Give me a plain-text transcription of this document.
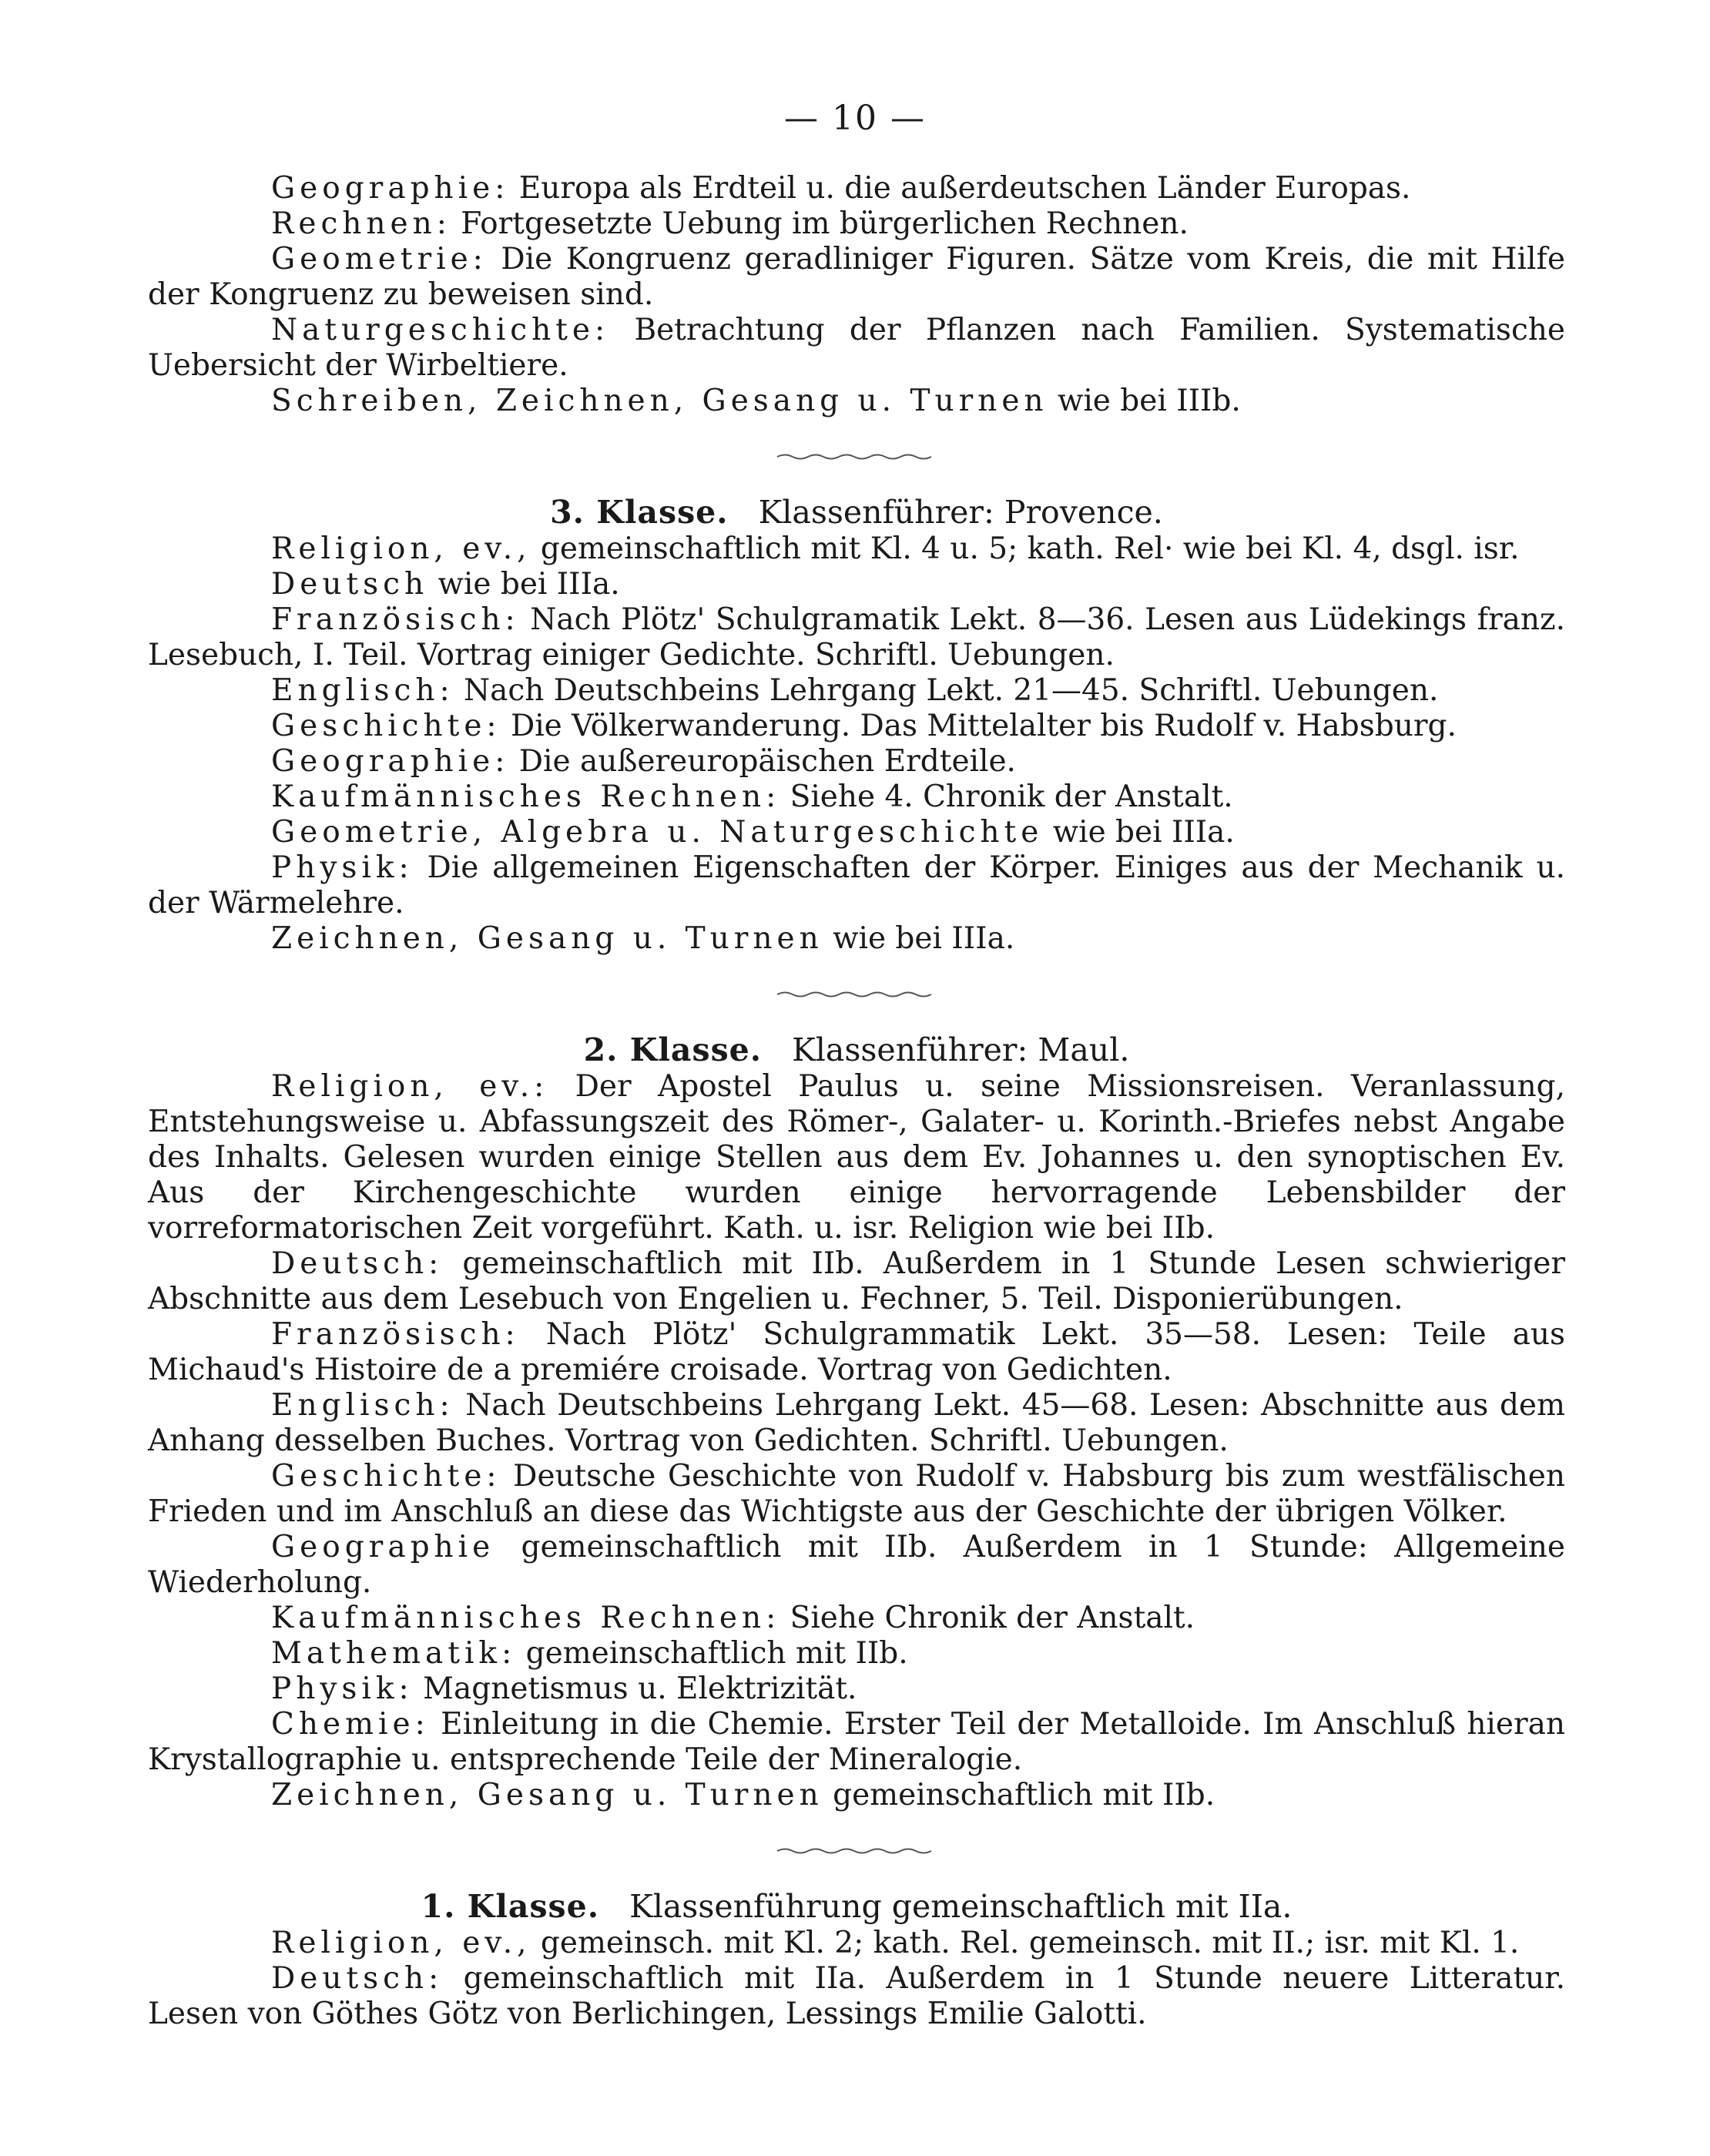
— 10 —

Geographie: Europa als Erdteil u. die außerdeutschen Länder Europas.

Rechnen: Fortgesetzte Uebung im bürgerlichen Rechnen.

Geometrie: Die Kongruenz geradliniger Figuren. Sätze vom Kreis, die mit Hilfe der Kongruenz zu beweisen sind.

Naturgeschichte: Betrachtung der Pflanzen nach Familien. Systematische Uebersicht der Wirbeltiere.

Schreiben, Zeichnen, Gesang u. Turnen wie bei IIIb.

3. Klasse. Klassenführer: Provence.

Religion, ev., gemeinschaftlich mit Kl. 4 u. 5; kath. Rel· wie bei Kl. 4, dsgl. isr.

Deutsch wie bei IIIa.

Französisch: Nach Plötz' Schulgramatik Lekt. 8—36. Lesen aus Lüdekings franz. Lesebuch, I. Teil. Vortrag einiger Gedichte. Schriftl. Uebungen.

Englisch: Nach Deutschbeins Lehrgang Lekt. 21—45. Schriftl. Uebungen.

Geschichte: Die Völkerwanderung. Das Mittelalter bis Rudolf v. Habsburg.

Geographie: Die außereuropäischen Erdteile.

Kaufmännisches Rechnen: Siehe 4. Chronik der Anstalt.

Geometrie, Algebra u. Naturgeschichte wie bei IIIa.

Physik: Die allgemeinen Eigenschaften der Körper. Einiges aus der Mechanik u. der Wärmelehre.

Zeichnen, Gesang u. Turnen wie bei IIIa.

2. Klasse. Klassenführer: Maul.

Religion, ev.: Der Apostel Paulus u. seine Missionsreisen. Veranlassung, Entstehungsweise u. Abfassungszeit des Römer-, Galater- u. Korinth.-Briefes nebst Angabe des Inhalts. Gelesen wurden einige Stellen aus dem Ev. Johannes u. den synoptischen Ev. Aus der Kirchengeschichte wurden einige hervorragende Lebensbilder der vorreformatorischen Zeit vorgeführt. Kath. u. isr. Religion wie bei IIb.

Deutsch: gemeinschaftlich mit IIb. Außerdem in 1 Stunde Lesen schwieriger Abschnitte aus dem Lesebuch von Engelien u. Fechner, 5. Teil. Disponierübungen.

Französisch: Nach Plötz' Schulgrammatik Lekt. 35—58. Lesen: Teile aus Michaud's Histoire de a premiére croisade. Vortrag von Gedichten.

Englisch: Nach Deutschbeins Lehrgang Lekt. 45—68. Lesen: Abschnitte aus dem Anhang desselben Buches. Vortrag von Gedichten. Schriftl. Uebungen.

Geschichte: Deutsche Geschichte von Rudolf v. Habsburg bis zum westfälischen Frieden und im Anschluß an diese das Wichtigste aus der Geschichte der übrigen Völker.

Geographie gemeinschaftlich mit IIb. Außerdem in 1 Stunde: Allgemeine Wiederholung.

Kaufmännisches Rechnen: Siehe Chronik der Anstalt.

Mathematik: gemeinschaftlich mit IIb.

Physik: Magnetismus u. Elektrizität.

Chemie: Einleitung in die Chemie. Erster Teil der Metalloide. Im Anschluß hieran Krystallographie u. entsprechende Teile der Mineralogie.

Zeichnen, Gesang u. Turnen gemeinschaftlich mit IIb.

1. Klasse. Klassenführung gemeinschaftlich mit IIa.

Religion, ev., gemeinsch. mit Kl. 2; kath. Rel. gemeinsch. mit II.; isr. mit Kl. 1.

Deutsch: gemeinschaftlich mit IIa. Außerdem in 1 Stunde neuere Litteratur. Lesen von Göthes Götz von Berlichingen, Lessings Emilie Galotti.
